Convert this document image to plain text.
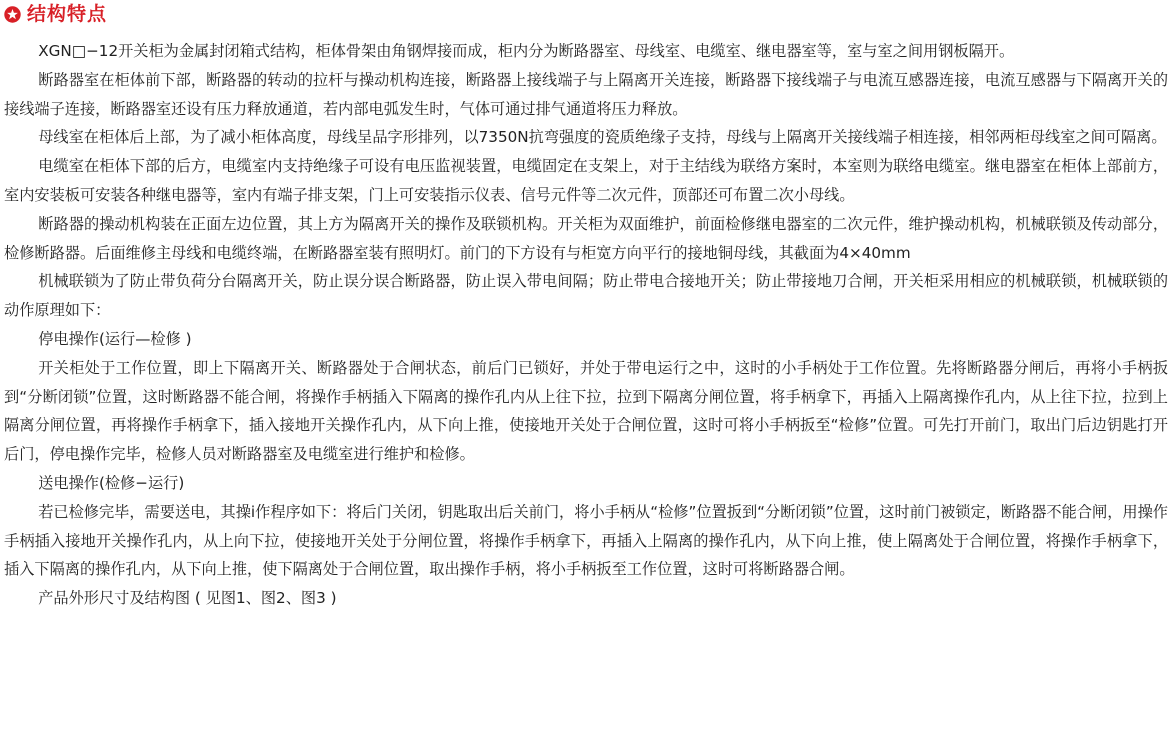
结构特点

XGN□−12开关柜为金属封闭箱式结构，柜体骨架由角钢焊接而成，柜内分为断路器室、母线室、电缆室、继电器室等，室与室之间用钢板隔开。

断路器室在柜体前下部，断路器的转动的拉杆与操动机构连接，断路器上接线端子与上隔离开关连接，断路器下接线端子与电流互感器连接，电流互感器与下隔离开关的接线端子连接，断路器室还设有压力释放通道，若内部电弧发生时，气体可通过排气通道将压力释放。

母线室在柜体后上部，为了减小柜体高度，母线呈品字形排列，以7350N抗弯强度的瓷质绝缘子支持，母线与上隔离开关接线端子相连接，相邻两柜母线室之间可隔离。

电缆室在柜体下部的后方，电缆室内支持绝缘子可设有电压监视装置，电缆固定在支架上，对于主结线为联络方案时，本室则为联络电缆室。继电器室在柜体上部前方，室内安装板可安装各种继电器等，室内有端子排支架，门上可安装指示仪表、信号元件等二次元件，顶部还可布置二次小母线。

断路器的操动机构装在正面左边位置，其上方为隔离开关的操作及联锁机构。开关柜为双面维护，前面检修继电器室的二次元件，维护操动机构，机械联锁及传动部分，检修断路器。后面维修主母线和电缆终端，在断路器室装有照明灯。前门的下方设有与柜宽方向平行的接地铜母线，其截面为4×40mm

机械联锁为了防止带负荷分台隔离开关，防止误分误合断路器，防止误入带电间隔；防止带电合接地开关；防止带接地刀合闸，开关柜采用相应的机械联锁，机械联锁的动作原理如下：

停电操作(运行—检修 )

开关柜处于工作位置，即上下隔离开关、断路器处于合闸状态，前后门已锁好，并处于带电运行之中，这时的小手柄处于工作位置。先将断路器分闸后，再将小手柄扳到“分断闭锁”位置，这时断路器不能合闸，将操作手柄插入下隔离的操作孔内从上往下拉，拉到下隔离分闸位置，将手柄拿下，再插入上隔离操作孔内，从上往下拉，拉到上隔离分闸位置，再将操作手柄拿下，插入接地开关操作孔内，从下向上推，使接地开关处于合闸位置，这时可将小手柄扳至“检修”位置。可先打开前门，取出门后边钥匙打开后门，停电操作完毕，检修人员对断路器室及电缆室进行维护和检修。

送电操作(检修−运行)

若已检修完毕，需要送电，其操i作程序如下：将后门关闭，钥匙取出后关前门，将小手柄从“检修”位置扳到“分断闭锁”位置，这时前门被锁定，断路器不能合闸，用操作手柄插入接地开关操作孔内，从上向下拉，使接地开关处于分闸位置，将操作手柄拿下，再插入上隔离的操作孔内，从下向上推，使上隔离处于合闸位置，将操作手柄拿下，插入下隔离的操作孔内，从下向上推，使下隔离处于合闸位置，取出操作手柄，将小手柄扳至工作位置，这时可将断路器合闸。

产品外形尺寸及结构图 ( 见图1、图2、图3 )
